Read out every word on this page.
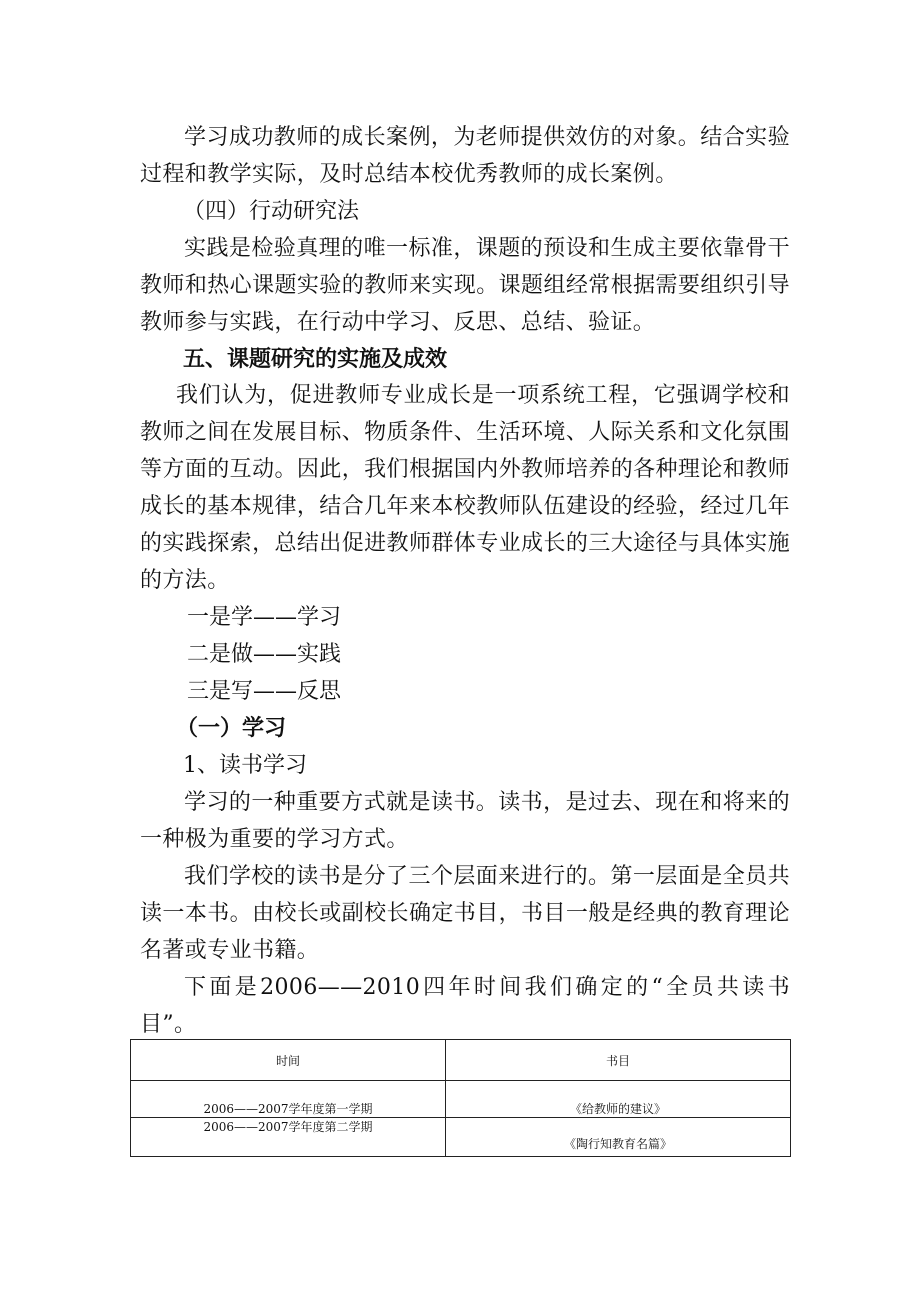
学习成功教师的成长案例，为老师提供效仿的对象。结合实验过程和教学实际，及时总结本校优秀教师的成长案例。

（四）行动研究法

实践是检验真理的唯一标准，课题的预设和生成主要依靠骨干教师和热心课题实验的教师来实现。课题组经常根据需要组织引导教师参与实践，在行动中学习、反思、总结、验证。

五、课题研究的实施及成效

我们认为，促进教师专业成长是一项系统工程，它强调学校和教师之间在发展目标、物质条件、生活环境、人际关系和文化氛围等方面的互动。因此，我们根据国内外教师培养的各种理论和教师成长的基本规律，结合几年来本校教师队伍建设的经验，经过几年的实践探索，总结出促进教师群体专业成长的三大途径与具体实施的方法。

一是学——学习

二是做——实践

三是写——反思

（一）学习

1、读书学习

学习的一种重要方式就是读书。读书，是过去、现在和将来的一种极为重要的学习方式。

我们学校的读书是分了三个层面来进行的。第一层面是全员共读一本书。由校长或副校长确定书目，书目一般是经典的教育理论名著或专业书籍。

下面是2006——2010四年时间我们确定的“全员共读书目”。

时间	书目
2006——2007学年度第一学期	《给教师的建议》
2006——2007学年度第二学期	《陶行知教育名篇》
